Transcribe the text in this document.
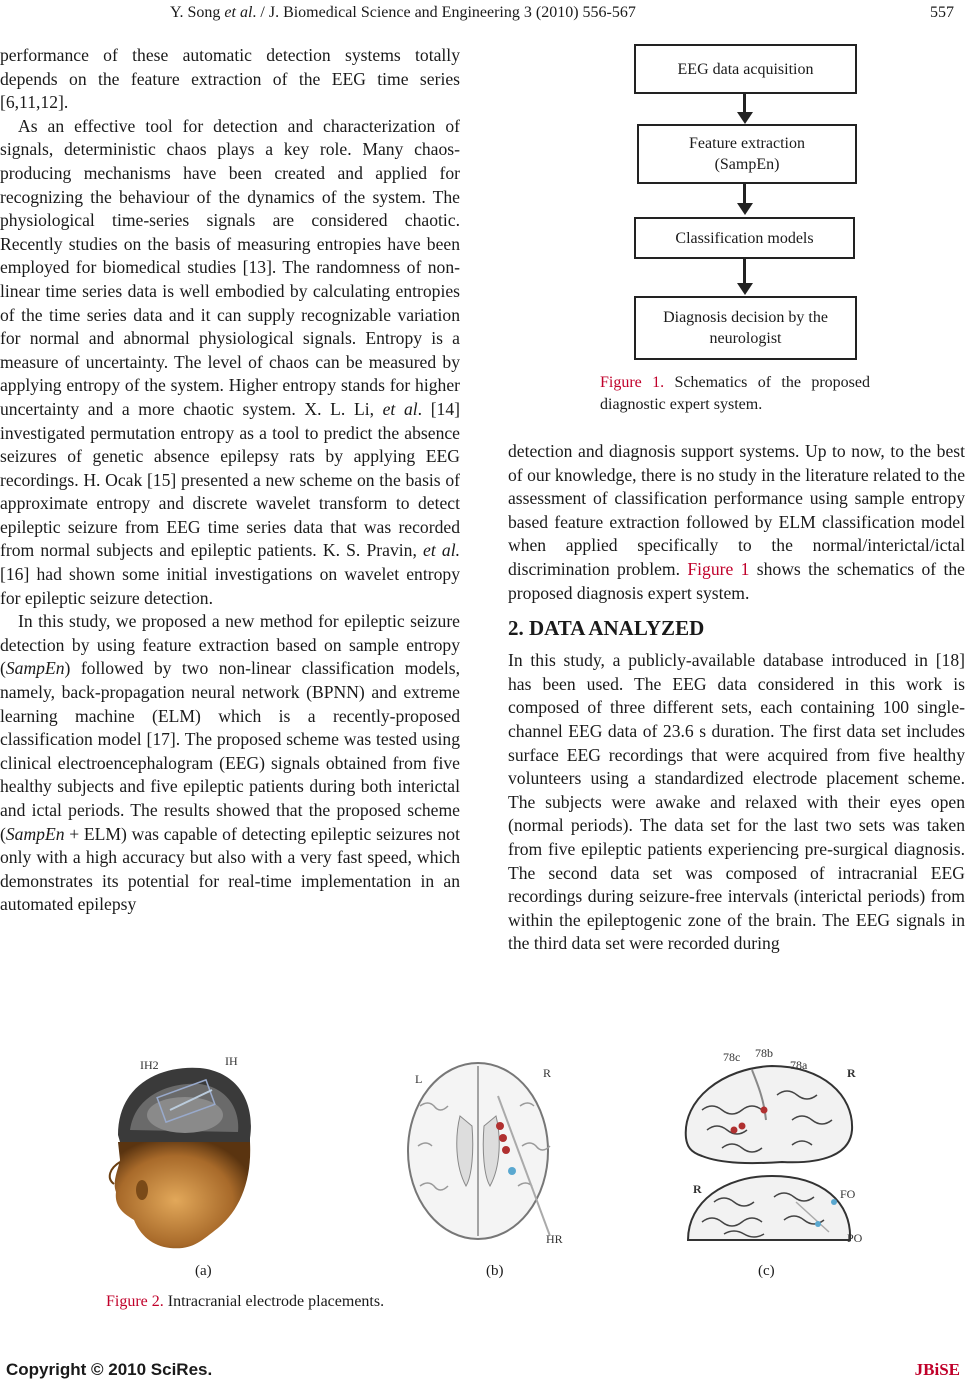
Y. Song et al. / J. Biomedical Science and Engineering 3 (2010) 556-567	557

performance of these automatic detection systems totally depends on the feature extraction of the EEG time series [6,11,12].

As an effective tool for detection and characterization of signals, deterministic chaos plays a key role. Many chaos-producing mechanisms have been created and applied for recognizing the behaviour of the dynamics of the system. The physiological time-series signals are considered chaotic. Recently studies on the basis of measuring entropies have been employed for biomedical studies [13]. The randomness of non-linear time series data is well embodied by calculating entropies of the time series data and it can supply recognizable variation for normal and abnormal physiological signals. Entropy is a measure of uncertainty. The level of chaos can be measured by applying entropy of the system. Higher entropy stands for higher uncertainty and a more chaotic system. X. L. Li, et al. [14] investigated permutation entropy as a tool to predict the absence seizures of genetic absence epilepsy rats by applying EEG recordings. H. Ocak [15] presented a new scheme on the basis of approximate entropy and discrete wavelet transform to detect epileptic seizure from EEG time series data that was recorded from normal subjects and epileptic patients. K. S. Pravin, et al. [16] had shown some initial investigations on wavelet entropy for epileptic seizure detection.

In this study, we proposed a new method for epileptic seizure detection by using feature extraction based on sample entropy (SampEn) followed by two non-linear classification models, namely, back-propagation neural network (BPNN) and extreme learning machine (ELM) which is a recently-proposed classification model [17]. The proposed scheme was tested using clinical electroencephalogram (EEG) signals obtained from five healthy subjects and five epileptic patients during both interictal and ictal periods. The results showed that the proposed scheme (SampEn + ELM) was capable of detecting epileptic seizures not only with a high accuracy but also with a very fast speed, which demonstrates its potential for real-time implementation in an automated epilepsy

EEG data acquisition
Feature extraction (SampEn)
Classification models
Diagnosis decision by the neurologist
Figure 1. Schematics of the proposed diagnostic expert system.

detection and diagnosis support systems. Up to now, to the best of our knowledge, there is no study in the literature related to the assessment of classification performance using sample entropy based feature extraction followed by ELM classification model when applied specifically to the normal/interictal/ictal discrimination problem. Figure 1 shows the schematics of the proposed diagnosis expert system.

2. DATA ANALYZED

In this study, a publicly-available database introduced in [18] has been used. The EEG data considered in this work is composed of three different sets, each containing 100 single-channel EEG data of 23.6 s duration. The first data set includes surface EEG recordings that were acquired from five healthy volunteers using a standardized electrode placement scheme. The subjects were awake and relaxed with their eyes open (normal periods). The data set for the last two sets was taken from five epileptic patients experiencing pre-surgical diagnosis. The second data set was composed of intracranial EEG recordings during seizure-free intervals (interictal periods) from within the epileptogenic zone of the brain. The EEG signals in the third data set were recorded during

IH2	IH
L	R
HR
78c 78b
78a
R
R	FO
PO
(a)	(b)	(c)
Figure 2. Intracranial electrode placements.
Copyright © 2010 SciRes.	JBiSE
